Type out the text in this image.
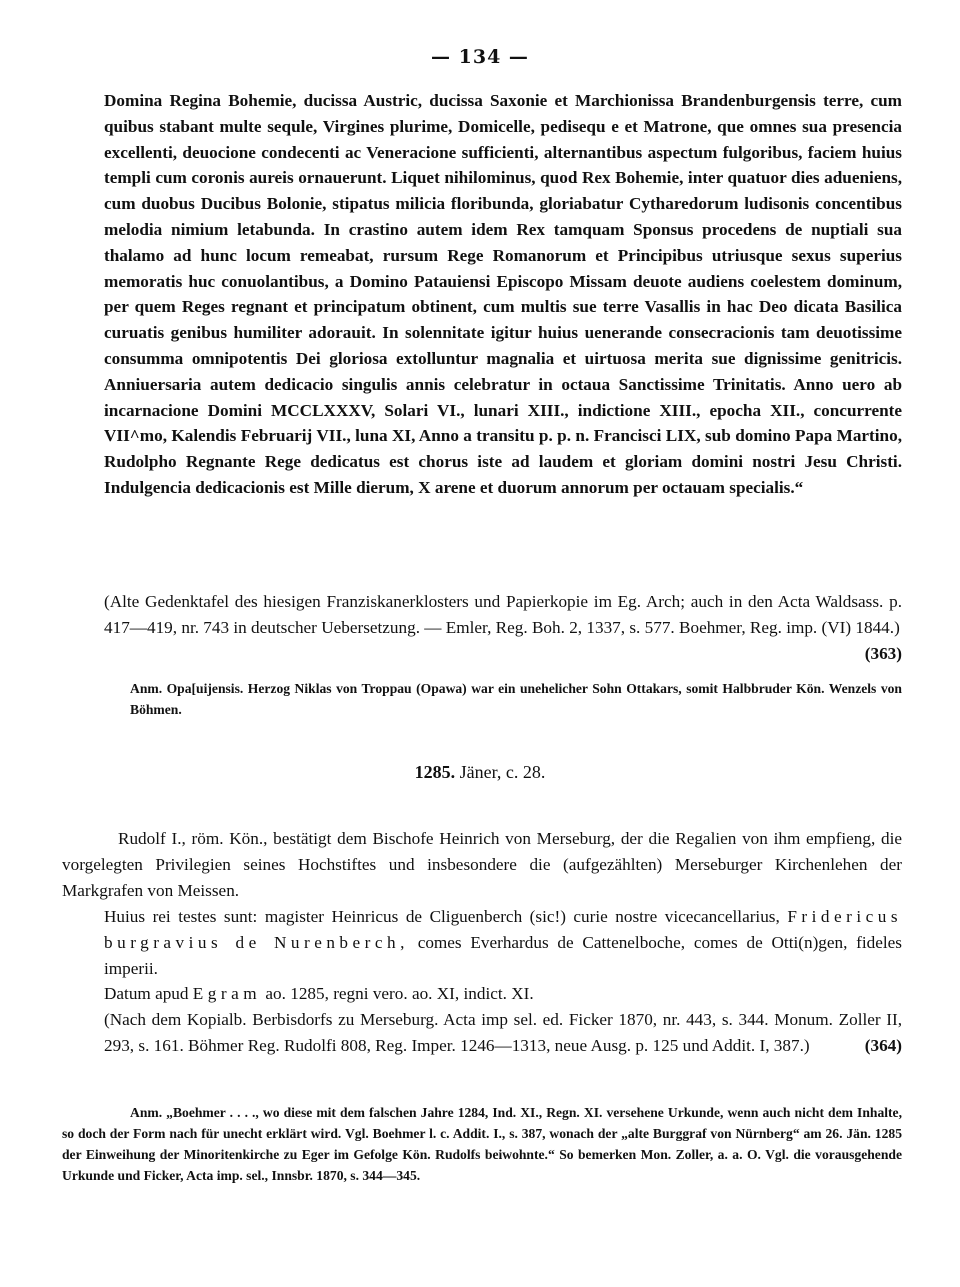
— 134 —

Domina Regina Bohemie, ducissa Austric, ducissa Saxonie et Marchionissa Brandenburgensis terre, cum quibus stabant multe sequle, Virgines plurime, Domicelle, pedisequ e et Matrone, que omnes sua presencia excellenti, deuocione condecenti ac Veneracione sufficienti, alternantibus aspectum fulgoribus, faciem huius templi cum coronis aureis ornauerunt. Liquet nihilominus, quod Rex Bohemie, inter quatuor dies adueniens, cum duobus Ducibus Bolonie, stipatus milicia floribunda, gloriabatur Cytharedorum ludisonis concentibus melodia nimium letabunda. In crastino autem idem Rex tamquam Sponsus procedens de nuptiali sua thalamo ad hunc locum remeabat, rursum Rege Romanorum et Principibus utriusque sexus superius memoratis huc conuolantibus, a Domino Patauiensi Episcopo Missam deuote audiens coelestem dominum, per quem Reges regnant et principatum obtinent, cum multis sue terre Vasallis in hac Deo dicata Basilica curuatis genibus humiliter adorauit. In solennitate igitur huius uenerande consecracionis tam deuotissime consumma omnipotentis Dei gloriosa extolluntur magnalia et uirtuosa merita sue dignissime genitricis. Anniuersaria autem dedicacio singulis annis celebratur in octaua Sanctissime Trinitatis. Anno uero ab incarnacione Domini MCCLXXXV, Solari VI., lunari XIII., indictione XIII., epocha XII., concurrente VII^mo, Kalendis Februarij VII., luna XI, Anno a transitu p. p. n. Francisci LIX, sub domino Papa Martino, Rudolpho Regnante Rege dedicatus est chorus iste ad laudem et gloriam domini nostri Jesu Christi. Indulgencia dedicacionis est Mille dierum, X arene et duorum annorum per octauam specialis.“

(Alte Gedenktafel des hiesigen Franziskanerklosters und Papierkopie im Eg. Arch; auch in den Acta Waldsass. p. 417—419, nr. 743 in deutscher Uebersetzung. — Emler, Reg. Boh. 2, 1337, s. 577. Boehmer, Reg. imp. (VI) 1844.)
(363)

Anm. Opa[uijensis. Herzog Niklas von Troppau (Opawa) war ein unehelicher Sohn Ottakars, somit Halbbruder Kön. Wenzels von Böhmen.

1285. Jäner, c. 28.

Rudolf I., röm. Kön., bestätigt dem Bischofe Heinrich von Merseburg, der die Regalien von ihm empfieng, die vorgelegten Privilegien seines Hochstiftes und insbesondere die (aufgezählten) Merseburger Kirchenlehen der Markgrafen von Meissen.

Huius rei testes sunt: magister Heinricus de Cliguenberch (sic!) curie nostre vicecancellarius, Fridericus burgravius de Nurenberch, comes Everhardus de Cattenelboche, comes de Otti(n)gen, fideles imperii.

Datum apud Egram ao. 1285, regni vero. ao. XI, indict. XI.

(Nach dem Kopialb. Berbisdorfs zu Merseburg. Acta imp sel. ed. Ficker 1870, nr. 443, s. 344. Monum. Zoller II, 293, s. 161. Böhmer Reg. Rudolfi 808, Reg. Imper. 1246—1313, neue Ausg. p. 125 und Addit. I, 387.)	(364)

Anm. „Boehmer . . . ., wo diese mit dem falschen Jahre 1284, Ind. XI., Regn. XI. versehene Urkunde, wenn auch nicht dem Inhalte, so doch der Form nach für unecht erklärt wird. Vgl. Boehmer l. c. Addit. I., s. 387, wonach der „alte Burggraf von Nürnberg“ am 26. Jän. 1285 der Einweihung der Minoritenkirche zu Eger im Gefolge Kön. Rudolfs beiwohnte.“ So bemerken Mon. Zoller, a. a. O. Vgl. die vorausgehende Urkunde und Ficker, Acta imp. sel., Innsbr. 1870, s. 344—345.
